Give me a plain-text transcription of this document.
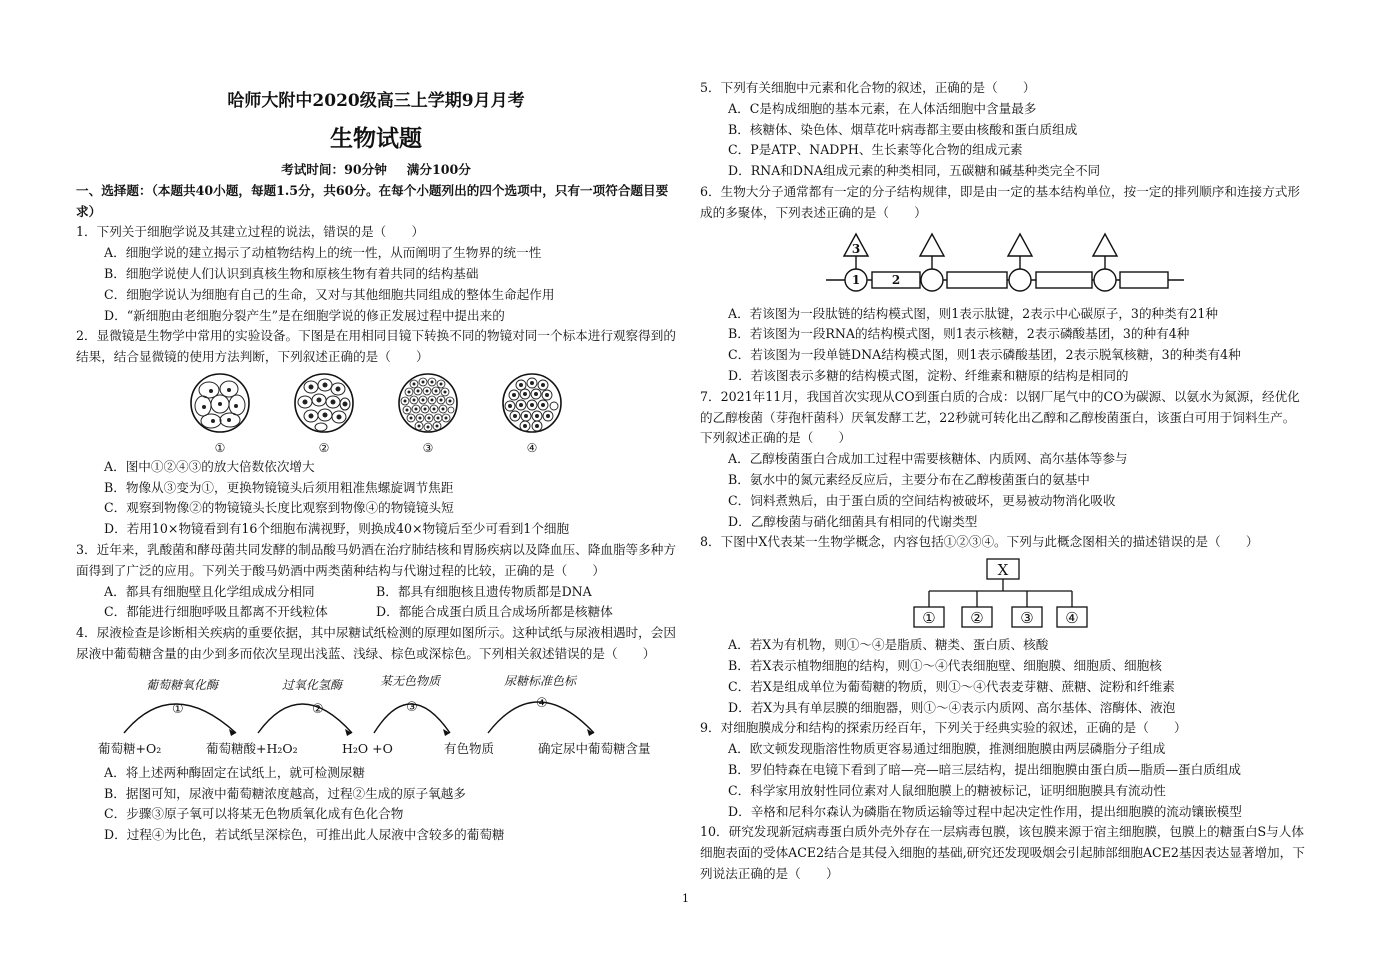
哈师大附中2020级高三上学期9月月考
生物试题
考试时间：90分钟 满分100分
一、选择题：（本题共40小题，每题1.5分，共60分。在每个小题列出的四个选项中，只有一项符合题目要求）
1．下列关于细胞学说及其建立过程的说法，错误的是（　　）
A．细胞学说的建立揭示了动植物结构上的统一性，从而阐明了生物界的统一性
B．细胞学说使人们认识到真核生物和原核生物有着共同的结构基础
C．细胞学说认为细胞有自己的生命，又对与其他细胞共同组成的整体生命起作用
D．“新细胞由老细胞分裂产生”是在细胞学说的修正发展过程中提出来的
2．显微镜是生物学中常用的实验设备。下图是在用相同目镜下转换不同的物镜对同一个标本进行观察得到的结果，结合显微镜的使用方法判断，下列叙述正确的是（　　）
①	②	③	④
A．图中①②④③的放大倍数依次增大
B．物像从③变为①，更换物镜镜头后须用粗准焦螺旋调节焦距
C．观察到物像②的物镜镜头长度比观察到物像④的物镜镜头短
D．若用10×物镜看到有16个细胞布满视野，则换成40×物镜后至少可看到1个细胞
3．近年来，乳酸菌和酵母菌共同发酵的制品酸马奶酒在治疗肺结核和胃肠疾病以及降血压、降血脂等多种方面得到了广泛的应用。下列关于酸马奶酒中两类菌种结构与代谢过程的比较，正确的是（　　）
A．都具有细胞壁且化学组成成分相同	B．都具有细胞核且遗传物质都是DNA
C．都能进行细胞呼吸且都离不开线粒体	D．都能合成蛋白质且合成场所都是核糖体
4．尿液检查是诊断相关疾病的重要依据，其中尿糖试纸检测的原理如图所示。这种试纸与尿液相遇时，会因尿液中葡萄糖含量的由少到多而依次呈现出浅蓝、浅绿、棕色或深棕色。下列相关叙述错误的是（　　）
葡萄糖氧化酶	过氧化氢酶	某无色物质	尿糖标准色标
①	②	③	④
葡萄糖+O₂	葡萄糖酸+H₂O₂	H₂O +O	有色物质	确定尿中葡萄糖含量
A．将上述两种酶固定在试纸上，就可检测尿糖
B．据图可知，尿液中葡萄糖浓度越高，过程②生成的原子氧越多
C．步骤③原子氧可以将某无色物质氧化成有色化合物
D．过程④为比色，若试纸呈深棕色，可推出此人尿液中含较多的葡萄糖
5．下列有关细胞中元素和化合物的叙述，正确的是（　　）
A．C是构成细胞的基本元素，在人体活细胞中含量最多
B．核糖体、染色体、烟草花叶病毒都主要由核酸和蛋白质组成
C．P是ATP、NADPH、生长素等化合物的组成元素
D．RNA和DNA组成元素的种类相同，五碳糖和碱基种类完全不同
6．生物大分子通常都有一定的分子结构规律，即是由一定的基本结构单位，按一定的排列顺序和连接方式形成的多聚体，下列表述正确的是（　　）
3
1	2
A．若该图为一段肽链的结构模式图，则1表示肽键，2表示中心碳原子，3的种类有21种
B．若该图为一段RNA的结构模式图，则1表示核糖，2表示磷酸基团，3的种有4种
C．若该图为一段单链DNA结构模式图，则1表示磷酸基团，2表示脱氧核糖，3的种类有4种
D．若该图表示多糖的结构模式图，淀粉、纤维素和糖原的结构是相同的
7．2021年11月，我国首次实现从CO到蛋白质的合成：以钢厂尾气中的CO为碳源、以氨水为氮源，经优化的乙醇梭菌（芽孢杆菌科）厌氧发酵工艺，22秒就可转化出乙醇和乙醇梭菌蛋白，该蛋白可用于饲料生产。下列叙述正确的是（　　）
A．乙醇梭菌蛋白合成加工过程中需要核糖体、内质网、高尔基体等参与
B．氨水中的氮元素经反应后，主要分布在乙醇梭菌蛋白的氨基中
C．饲料煮熟后，由于蛋白质的空间结构被破坏，更易被动物消化吸收
D．乙醇梭菌与硝化细菌具有相同的代谢类型
8．下图中X代表某一生物学概念，内容包括①②③④。下列与此概念图相关的描述错误的是（　　）
X
① ② ③ ④
A．若X为有机物，则①～④是脂质、糖类、蛋白质、核酸
B．若X表示植物细胞的结构，则①～④代表细胞壁、细胞膜、细胞质、细胞核
C．若X是组成单位为葡萄糖的物质，则①～④代表麦芽糖、蔗糖、淀粉和纤维素
D．若X为具有单层膜的细胞器，则①～④表示内质网、高尔基体、溶酶体、液泡
9．对细胞膜成分和结构的探索历经百年，下列关于经典实验的叙述，正确的是（　　）
A．欧文顿发现脂溶性物质更容易通过细胞膜，推测细胞膜由两层磷脂分子组成
B．罗伯特森在电镜下看到了暗—亮—暗三层结构，提出细胞膜由蛋白质—脂质—蛋白质组成
C．科学家用放射性同位素对人鼠细胞膜上的糖被标记，证明细胞膜具有流动性
D．辛格和尼科尔森认为磷脂在物质运输等过程中起决定性作用，提出细胞膜的流动镶嵌模型
10．研究发现新冠病毒蛋白质外壳外存在一层病毒包膜，该包膜来源于宿主细胞膜，包膜上的糖蛋白S与人体细胞表面的受体ACE2结合是其侵入细胞的基础,研究还发现吸烟会引起肺部细胞ACE2基因表达显著增加，下列说法正确的是（　　）
1
